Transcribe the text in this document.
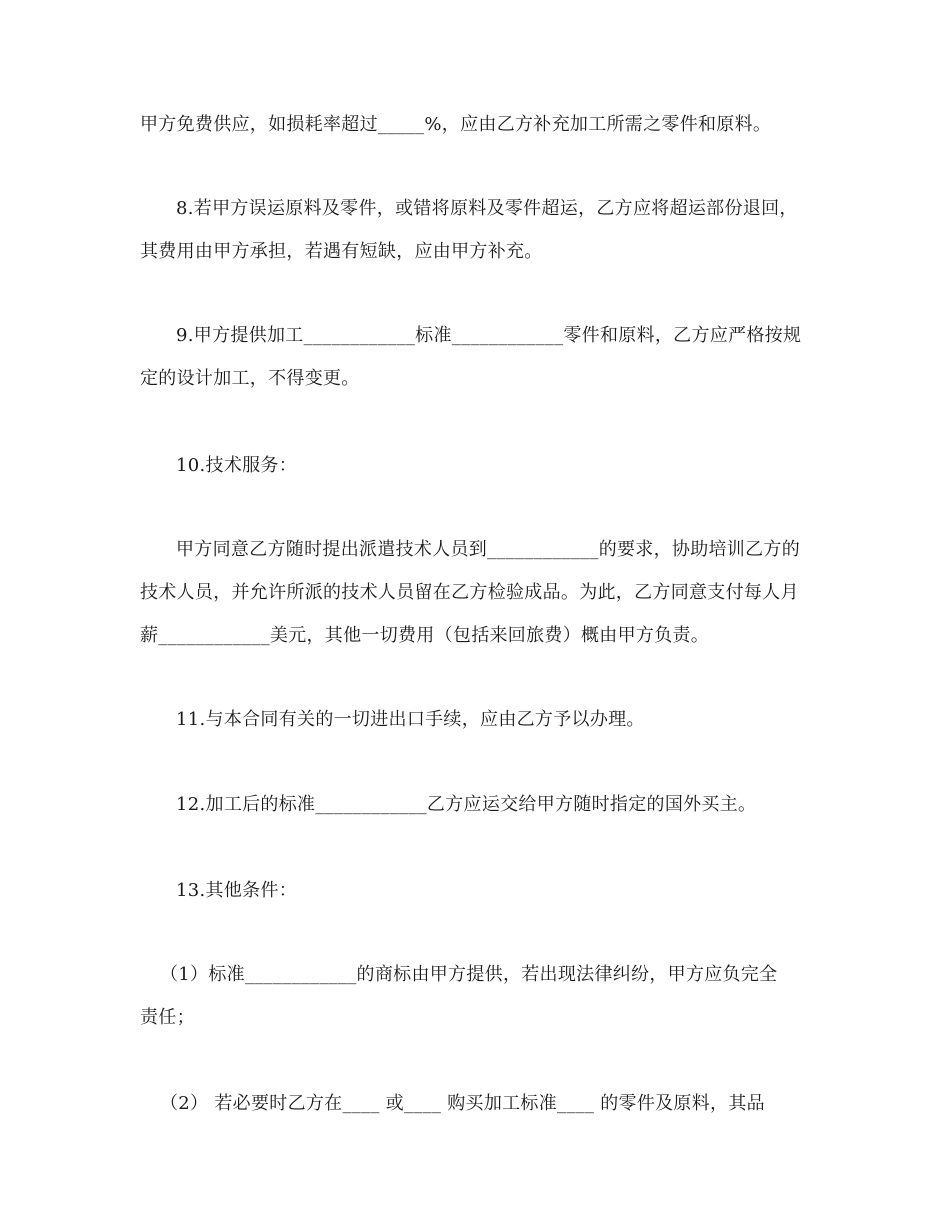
甲方免费供应，如损耗率超过_____%，应由乙方补充加工所需之零件和原料。
8.若甲方误运原料及零件，或错将原料及零件超运，乙方应将超运部份退回，
其费用由甲方承担，若遇有短缺，应由甲方补充。
9.甲方提供加工____________标准____________零件和原料，乙方应严格按规
定的设计加工，不得变更。
10.技术服务：
甲方同意乙方随时提出派遣技术人员到____________的要求，协助培训乙方的
技术人员，并允许所派的技术人员留在乙方检验成品。为此，乙方同意支付每人月
薪____________美元，其他一切费用（包括来回旅费）概由甲方负责。
11.与本合同有关的一切进出口手续，应由乙方予以办理。
12.加工后的标准____________乙方应运交给甲方随时指定的国外买主。
13.其他条件：
（1）标准____________的商标由甲方提供，若出现法律纠纷，甲方应负完全
责任；
（2） 若必要时乙方在____ 或____ 购买加工标准____ 的零件及原料，其品
